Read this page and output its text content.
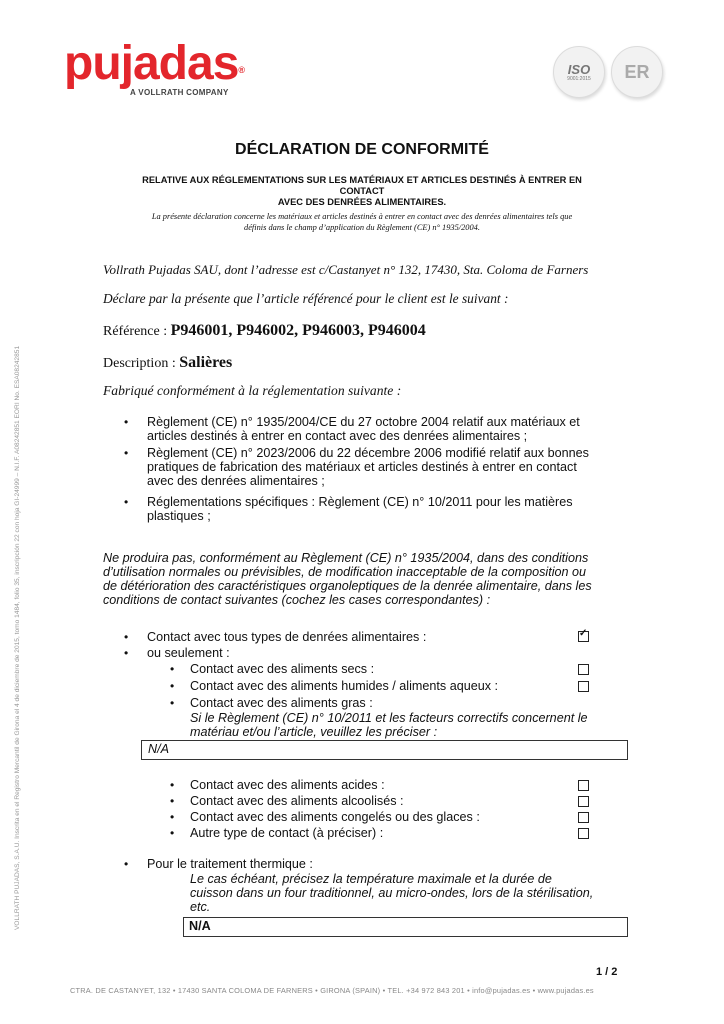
pujadas®
A VOLLRATH COMPANY
ISO
9001:2015 ER
VOLLRATH PUJADAS, S.A.U. Inscrita en el Registro Mercantil de Girona el 4 de diciembre de 2015, tomo 1484, folio 35, inscripción 22 con hoja GI-24999 – N.I.F. A08242851 EORI No. ESA08242851
DÉCLARATION DE CONFORMITÉ
RELATIVE AUX RÉGLEMENTATIONS SUR LES MATÉRIAUX ET ARTICLES DESTINÉS À ENTRER EN CONTACT
AVEC DES DENRÉES ALIMENTAIRES.
La présente déclaration concerne les matériaux et articles destinés à entrer en contact avec des denrées alimentaires tels que
définis dans le champ d’application du Règlement (CE) n° 1935/2004.
Vollrath Pujadas SAU, dont l’adresse est c/Castanyet n° 132, 17430, Sta. Coloma de Farners
Déclare par la présente que l’article référencé pour le client est le suivant :
Référence : P946001, P946002, P946003, P946004
Description : Salières
Fabriqué conformément à la réglementation suivante :
• Règlement (CE) n° 1935/2004/CE du 27 octobre 2004 relatif aux matériaux et
articles destinés à entrer en contact avec des denrées alimentaires ;
• Règlement (CE) n° 2023/2006 du 22 décembre 2006 modifié relatif aux bonnes
pratiques de fabrication des matériaux et articles destinés à entrer en contact
avec des denrées alimentaires ;
• Réglementations spécifiques : Règlement (CE) n° 10/2011 pour les matières
plastiques ;
Ne produira pas, conformément au Règlement (CE) n° 1935/2004, dans des conditions
d’utilisation normales ou prévisibles, de modification inacceptable de la composition ou
de détérioration des caractéristiques organoleptiques de la denrée alimentaire, dans les
conditions de contact suivantes (cochez les cases correspondantes) :
• Contact avec tous types de denrées alimentaires :
✓
• ou seulement :
• Contact avec des aliments secs :
• Contact avec des aliments humides / aliments aqueux :
• Contact avec des aliments gras :
Si le Règlement (CE) n° 10/2011 et les facteurs correctifs concernent le
matériau et/ou l’article, veuillez les préciser :
N/A
• Contact avec des aliments acides :
• Contact avec des aliments alcoolisés :
• Contact avec des aliments congelés ou des glaces :
• Autre type de contact (à préciser) :
• Pour le traitement thermique :
Le cas échéant, précisez la température maximale et la durée de
cuisson dans un four traditionnel, au micro-ondes, lors de la stérilisation,
etc.
N/A
1 / 2
CTRA. DE CASTANYET, 132 • 17430 SANTA COLOMA DE FARNERS • GIRONA (SPAIN) • TEL. +34 972 843 201 • info@pujadas.es • www.pujadas.es
